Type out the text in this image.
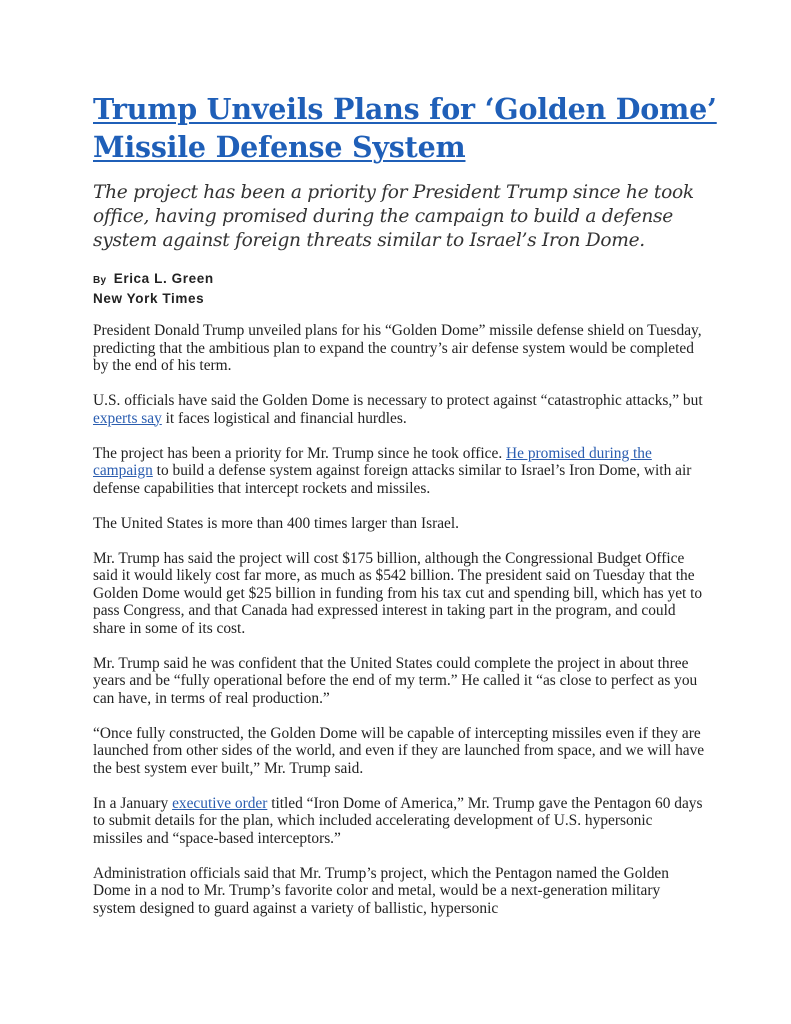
Trump Unveils Plans for ‘Golden Dome’ Missile Defense System

The project has been a priority for President Trump since he took office, having promised during the campaign to build a defense system against foreign threats similar to Israel’s Iron Dome.

By Erica L. Green
New York Times

President Donald Trump unveiled plans for his “Golden Dome” missile defense shield on Tuesday, predicting that the ambitious plan to expand the country’s air defense system would be completed by the end of his term.

U.S. officials have said the Golden Dome is necessary to protect against “catastrophic attacks,” but experts say it faces logistical and financial hurdles.

The project has been a priority for Mr. Trump since he took office. He promised during the campaign to build a defense system against foreign attacks similar to Israel’s Iron Dome, with air defense capabilities that intercept rockets and missiles.

The United States is more than 400 times larger than Israel.

Mr. Trump has said the project will cost $175 billion, although the Congressional Budget Office said it would likely cost far more, as much as $542 billion. The president said on Tuesday that the Golden Dome would get $25 billion in funding from his tax cut and spending bill, which has yet to pass Congress, and that Canada had expressed interest in taking part in the program, and could share in some of its cost.

Mr. Trump said he was confident that the United States could complete the project in about three years and be “fully operational before the end of my term.” He called it “as close to perfect as you can have, in terms of real production.”

“Once fully constructed, the Golden Dome will be capable of intercepting missiles even if they are launched from other sides of the world, and even if they are launched from space, and we will have the best system ever built,” Mr. Trump said.

In a January executive order titled “Iron Dome of America,” Mr. Trump gave the Pentagon 60 days to submit details for the plan, which included accelerating development of U.S. hypersonic missiles and “space-based interceptors.”

Administration officials said that Mr. Trump’s project, which the Pentagon named the Golden Dome in a nod to Mr. Trump’s favorite color and metal, would be a next-generation military system designed to guard against a variety of ballistic, hypersonic
